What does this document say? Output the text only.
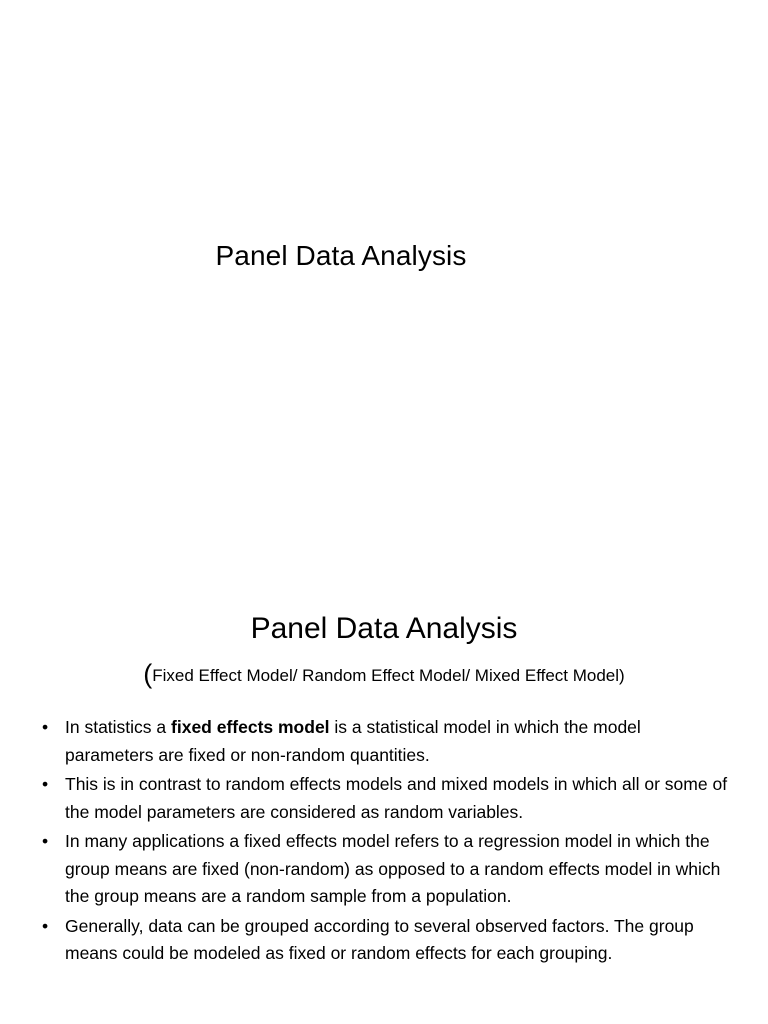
Panel Data Analysis
Panel Data Analysis
(Fixed Effect Model/ Random Effect Model/ Mixed Effect Model)
• In statistics a fixed effects model is a statistical model in which the model parameters are fixed or non-random quantities.
• This is in contrast to random effects models and mixed models in which all or some of the model parameters are considered as random variables.
• In many applications a fixed effects model refers to a regression model in which the group means are fixed (non-random) as opposed to a random effects model in which the group means are a random sample from a population.
• Generally, data can be grouped according to several observed factors. The group means could be modeled as fixed or random effects for each grouping.
